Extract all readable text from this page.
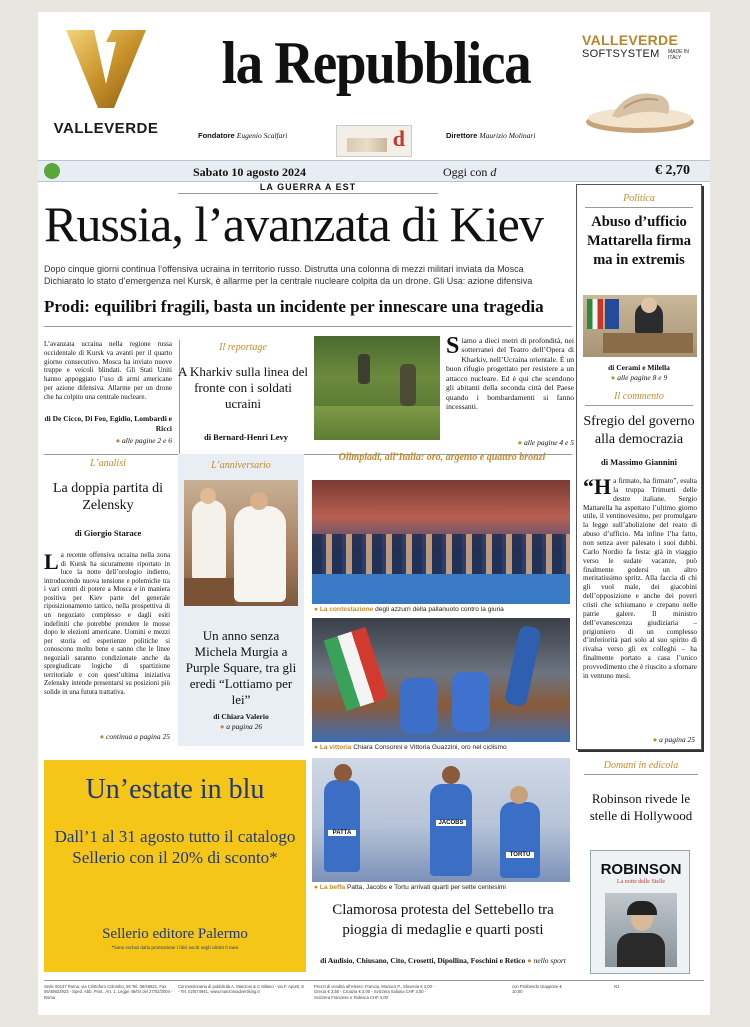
VALLEVERDE
la Repubblica
Fondatore Eugenio Scalfari	d	Direttore Maurizio Molinari
VALLEVERDE
SOFTSYSTEM MADE IN ITALY

Sabato 10 agosto 2024	Oggi con d	€ 2,70
LA GUERRA A EST
Russia, l’avanzata di Kiev
Dopo cinque giorni continua l’offensiva ucraina in territorio russo. Distrutta una colonna di mezzi militari inviata da Mosca
Dichiarato lo stato d’emergenza nel Kursk, è allarme per la centrale nucleare colpita da un drone. Gli Usa: azione difensiva
Prodi: equilibri fragili, basta un incidente per innescare una tragedia
L’avanzata ucraina nella regione russa occidentale di Kursk va avanti per il quarto giorno consecutivo. Mosca ha inviato nuove truppe e veicoli blindati. Gli Stati Uniti hanno appoggiato l’uso di armi americane per azione difensiva. Allarme per un drone che ha colpito una centrale nucleare.
di De Cicco, Di Feo, Egidio, Lombardi e Ricci
● alle pagine 2 e 6
Il reportage
A Kharkiv sulla linea del fronte con i soldati ucraini
di Bernard-Henri Levy
S iamo a dieci metri di profondità, nei sotterranei del Teatro dell’Opera di Kharkiv, nell’Ucraina orientale. È un buon rifugio progettato per resistere a un attacco nucleare. Ed è qui che scendono gli abitanti della seconda città del Paese quando i bombardamenti si fanno incessanti.
● alle pagine 4 e 5
Politica
Abuso d’ufficio Mattarella firma ma in extremis
di Cerami e Milella
● alle pagine 8 e 9
Il commento
Sfregio del governo alla democrazia
di Massimo Giannini
“H a firmato, ha firmato”, esulta la truppa Trimurti delle destre italiane. Sergio Mattarella ha aspettato l’ultimo giorno utile, il ventinovesimo, per promulgare la legge sull’abolizione del reato di abuso d’ufficio. Ma infine l’ha fatto, non senza aver palesato i suoi dubbi. Carlo Nordio fa festa: già in viaggio verso le sudate vacanze, può finalmente godersi un altro meritatissimo spritz. Alla faccia di chi gli vuol male, dei giacobini dell’opposizione e anche dei poveri cristi che schiumano e crepano nelle patrie galere. Il ministro dell’evanescenza giudiziaria – prigioniero di un complesso d’inferiorità pari solo al suo spirito di rivalsa verso gli ex colleghi – ha finalmente portato a casa l’unico provvedimento che è riuscito a sfornare in ventuno mesi.
● a pagina 25
L’analisi
La doppia partita di Zelensky
di Giorgio Starace
L a recente offensiva ucraina nella zona di Kursk ha sicuramente riportato in luce la notte dell’orologio indietro, introducendo nuova tensione e polemiche tra i vari centri di potere a Mosca e in maniera positiva per Kiev parte del generale riposizionamento tattico, nella prospettiva di un negoziato complesso e dagli esiti indefiniti che potrebbe prendere le mosse dopo le elezioni americane. Uomini e mezzi per storia ed esperienze politiche si conoscono molto bene e sanno che le linee negoziali saranno condizionate anche da spregiudicate logiche di spartizione territoriale e con quest’ultima iniziativa Zelensky intende presentarsi su posizioni più solide in una futura trattativa.
● continua a pagina 25
L’anniversario
Un anno senza Michela Murgia a Purple Square, tra gli eredi “Lottiamo per lei”
di Chiara Valerio
● a pagina 26
Olimpiadi, all’Italia: oro, argento e quattro bronzi
● La contestazione degli azzurri della pallanuoto contro la giuria
● La vittoria Chiara Consonni e Vittoria Guazzini, oro nel ciclismo
PATTA
JACOBS
TORTU
● La beffa Patta, Jacobs e Tortu arrivati quarti per sette centesimi
Clamorosa protesta del Settebello tra pioggia di medaglie e quarti posti
di Audisio, Chiusano, Cito, Crosetti, Dipollina, Foschini e Retico ● nello sport
Un’estate in blu
Dall’1 al 31 agosto tutto il catalogo Sellerio con il 20% di sconto*
Sellerio editore Palermo
*Sono esclusi dalla promozione i libri usciti negli ultimi 6 mesi
Domani in edicola
Robinson rivede le stelle di Hollywood
ROBINSON
La notte delle Stelle
Sede 00147 Roma, via Cristoforo Colombo, 90 Tel. 06/49821, Fax 06/49822923 - Sped. Abb. Post., Art. 1, Legge 46/04 del 27/02/2004 - Roma
Concessionaria di pubblicità A. Manzoni & C Milano - via F. Aporti, 8 - Tel. 02/574941, www.manzoniadvertising.it
Prezzi di vendita all’estero: Francia, Monaco P., Slovenia € 3,00 - Grecia € 3,50 - Croazia € 3,00 - Svizzera Italiana CHF 3,50 - Svizzera Francese e Tedesca CHF 4,00
con Proibendo Giappone € 10,00
N1
